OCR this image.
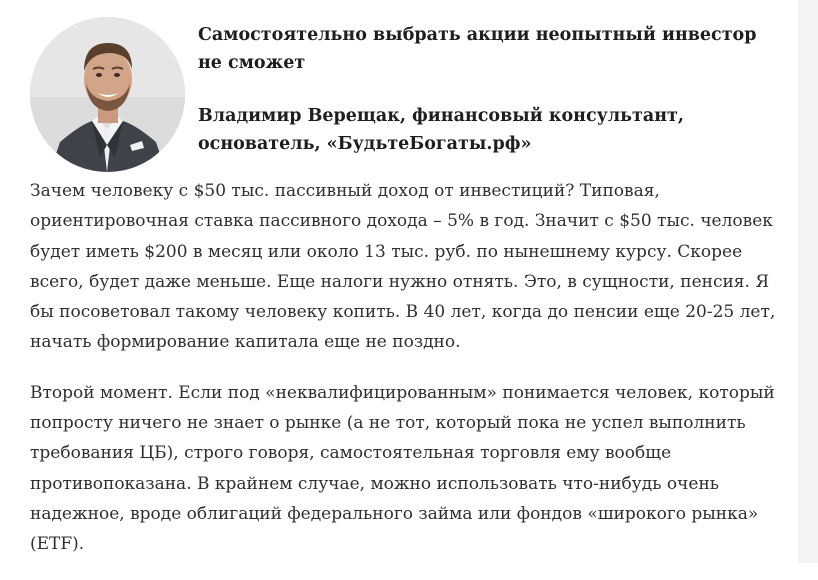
Самостоятельно выбрать акции неопытный инвестор не сможет

Владимир Верещак, финансовый консультант, основатель, «БудьтеБогаты.рф»

Зачем человеку с $50 тыс. пассивный доход от инвестиций? Типовая, ориентировочная ставка пассивного дохода – 5% в год. Значит с $50 тыс. человек будет иметь $200 в месяц или около 13 тыс. руб. по нынешнему курсу. Скорее всего, будет даже меньше. Еще налоги нужно отнять. Это, в сущности, пенсия. Я бы посоветовал такому человеку копить. В 40 лет, когда до пенсии еще 20-25 лет, начать формирование капитала еще не поздно.

Второй момент. Если под «неквалифицированным» понимается человек, который попросту ничего не знает о рынке (а не тот, который пока не успел выполнить требования ЦБ), строго говоря, самостоятельная торговля ему вообще противопоказана. В крайнем случае, можно использовать что-нибудь очень надежное, вроде облигаций федерального займа или фондов «широкого рынка» (ETF).
